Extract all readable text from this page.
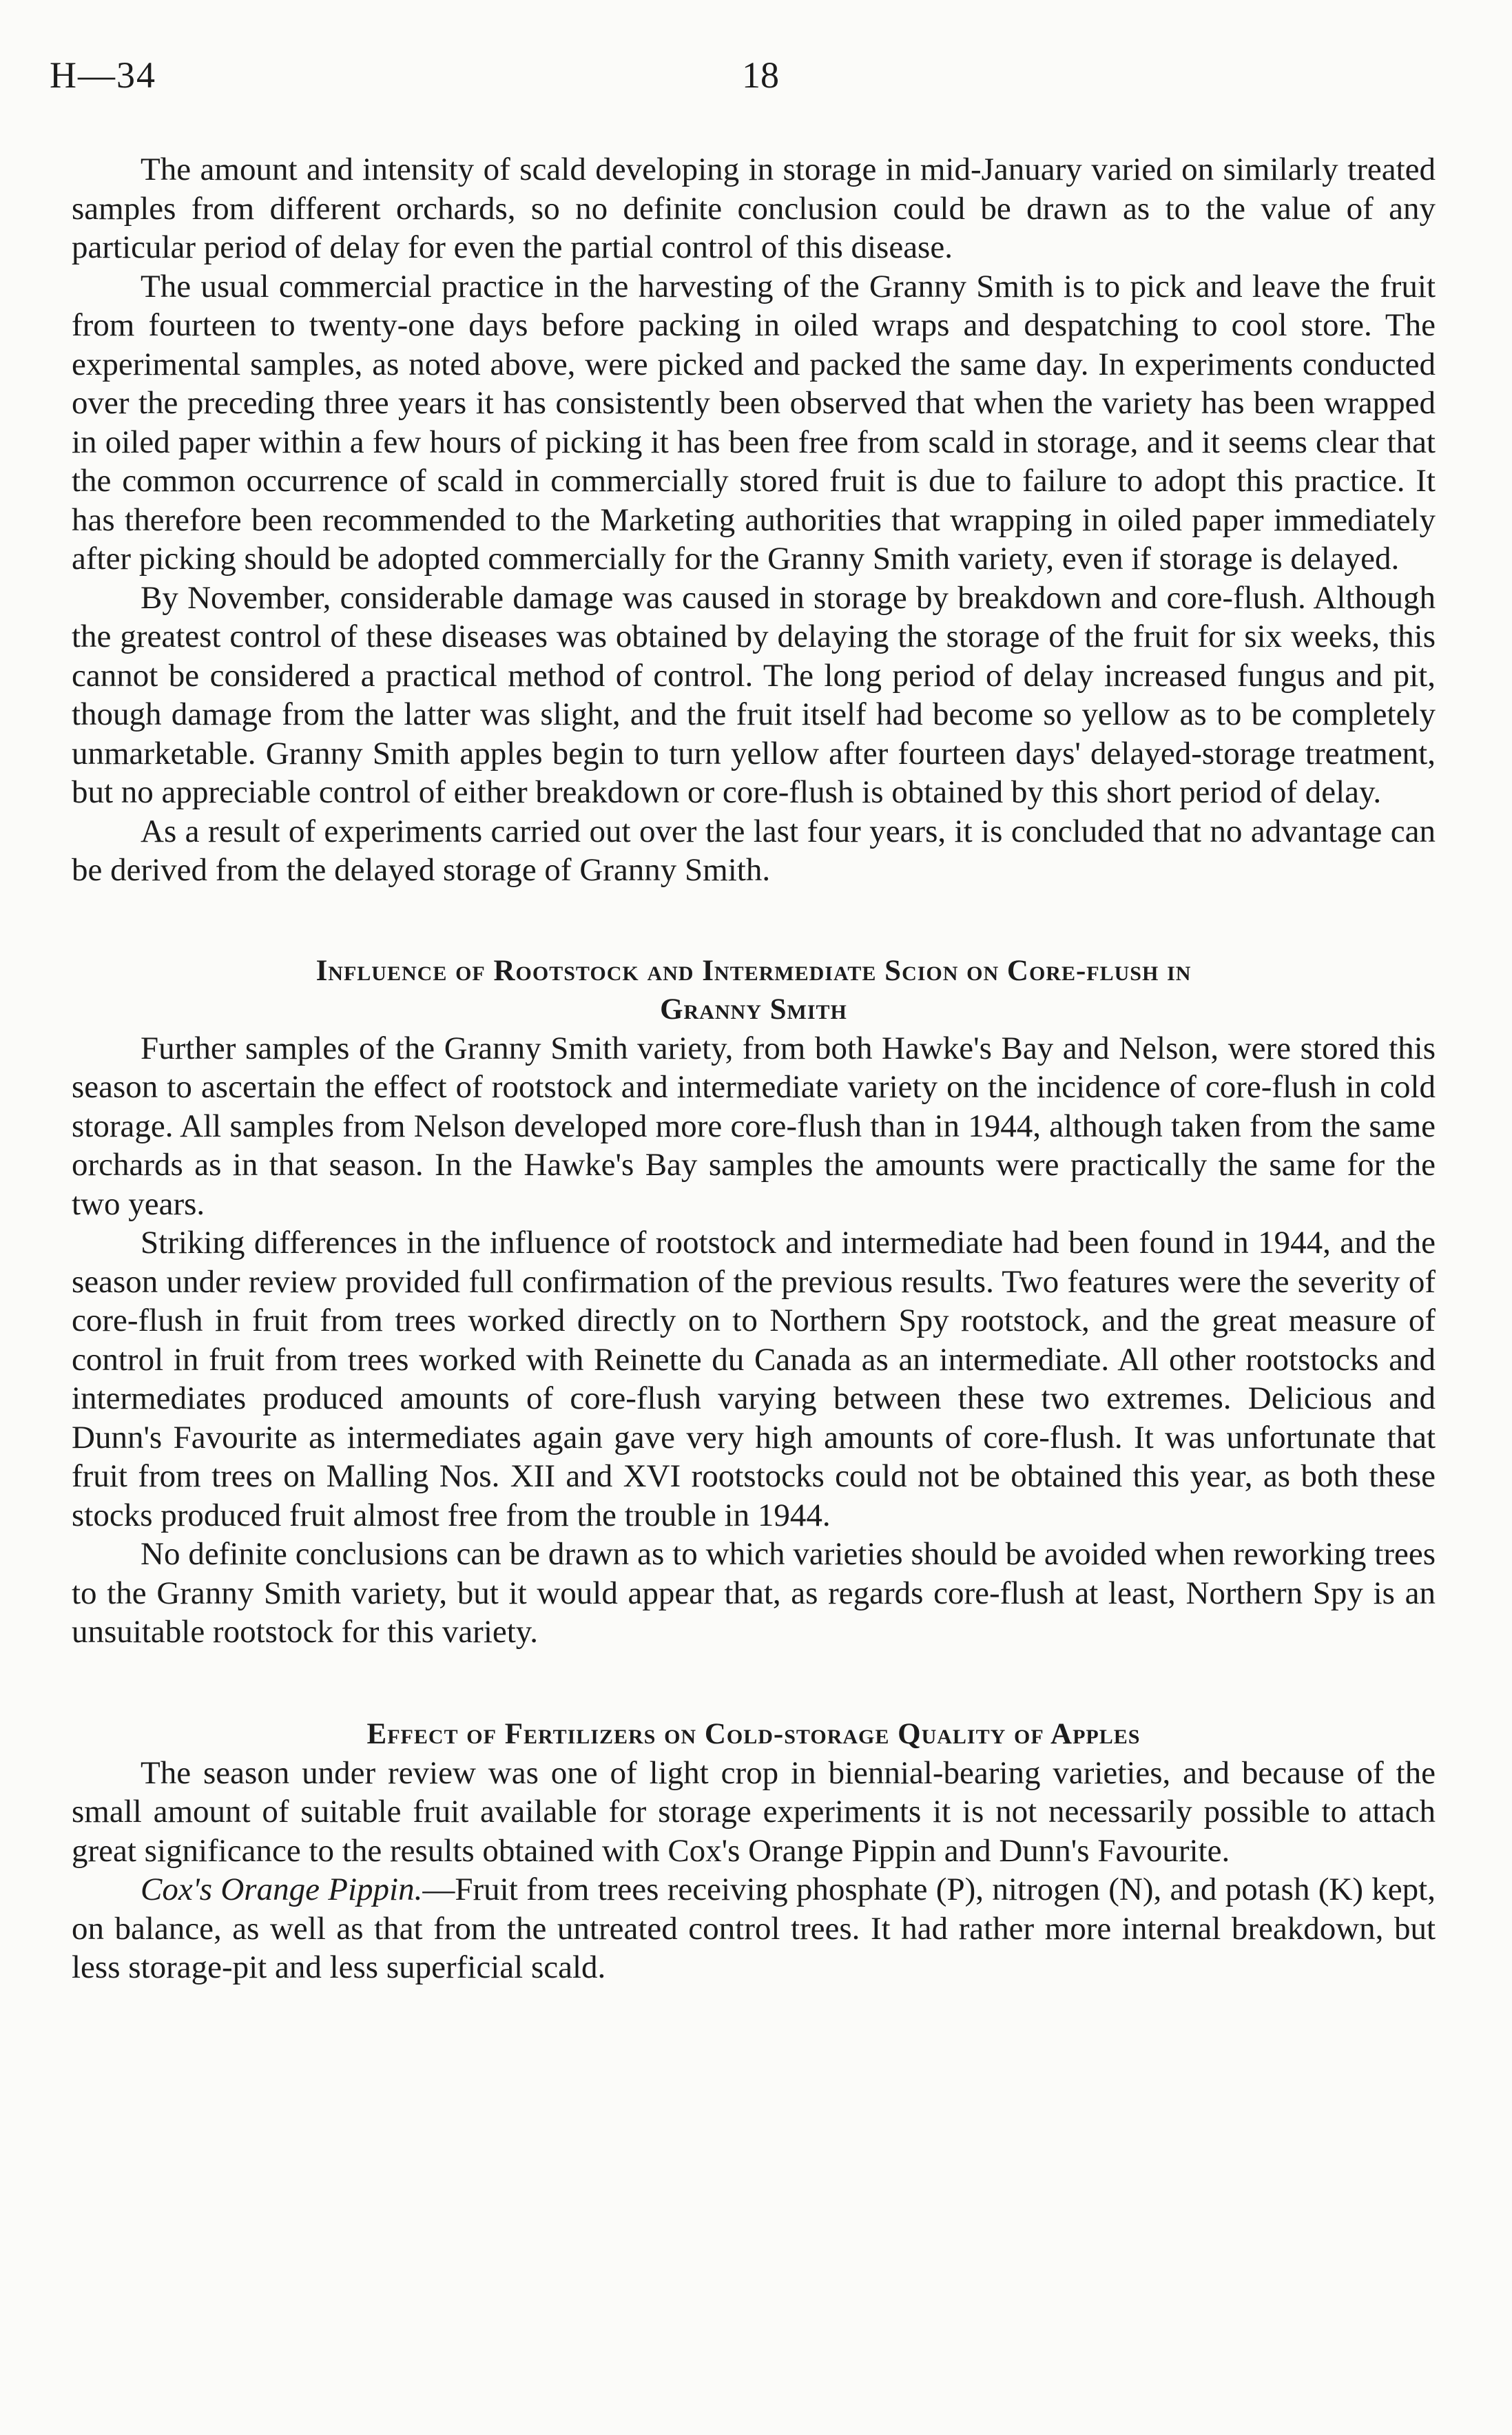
H—34	18

The amount and intensity of scald developing in storage in mid-January varied on similarly treated samples from different orchards, so no definite conclusion could be drawn as to the value of any particular period of delay for even the partial control of this disease.

The usual commercial practice in the harvesting of the Granny Smith is to pick and leave the fruit from fourteen to twenty-one days before packing in oiled wraps and despatching to cool store. The experimental samples, as noted above, were picked and packed the same day. In experiments conducted over the preceding three years it has consistently been observed that when the variety has been wrapped in oiled paper within a few hours of picking it has been free from scald in storage, and it seems clear that the common occurrence of scald in commercially stored fruit is due to failure to adopt this practice. It has therefore been recommended to the Marketing authorities that wrapping in oiled paper immediately after picking should be adopted commercially for the Granny Smith variety, even if storage is delayed.

By November, considerable damage was caused in storage by breakdown and core-flush. Although the greatest control of these diseases was obtained by delaying the storage of the fruit for six weeks, this cannot be considered a practical method of control. The long period of delay increased fungus and pit, though damage from the latter was slight, and the fruit itself had become so yellow as to be completely unmarketable. Granny Smith apples begin to turn yellow after fourteen days' delayed-storage treatment, but no appreciable control of either breakdown or core-flush is obtained by this short period of delay.

As a result of experiments carried out over the last four years, it is concluded that no advantage can be derived from the delayed storage of Granny Smith.

Influence of Rootstock and Intermediate Scion on Core-flush in
Granny Smith

Further samples of the Granny Smith variety, from both Hawke's Bay and Nelson, were stored this season to ascertain the effect of rootstock and intermediate variety on the incidence of core-flush in cold storage. All samples from Nelson developed more core-flush than in 1944, although taken from the same orchards as in that season. In the Hawke's Bay samples the amounts were practically the same for the two years.

Striking differences in the influence of rootstock and intermediate had been found in 1944, and the season under review provided full confirmation of the previous results. Two features were the severity of core-flush in fruit from trees worked directly on to Northern Spy rootstock, and the great measure of control in fruit from trees worked with Reinette du Canada as an intermediate. All other rootstocks and intermediates produced amounts of core-flush varying between these two extremes. Delicious and Dunn's Favourite as intermediates again gave very high amounts of core-flush. It was unfortunate that fruit from trees on Malling Nos. XII and XVI rootstocks could not be obtained this year, as both these stocks produced fruit almost free from the trouble in 1944.

No definite conclusions can be drawn as to which varieties should be avoided when reworking trees to the Granny Smith variety, but it would appear that, as regards core-flush at least, Northern Spy is an unsuitable rootstock for this variety.

Effect of Fertilizers on Cold-storage Quality of Apples

The season under review was one of light crop in biennial-bearing varieties, and because of the small amount of suitable fruit available for storage experiments it is not necessarily possible to attach great significance to the results obtained with Cox's Orange Pippin and Dunn's Favourite.

Cox's Orange Pippin.—Fruit from trees receiving phosphate (P), nitrogen (N), and potash (K) kept, on balance, as well as that from the untreated control trees. It had rather more internal breakdown, but less storage-pit and less superficial scald.
